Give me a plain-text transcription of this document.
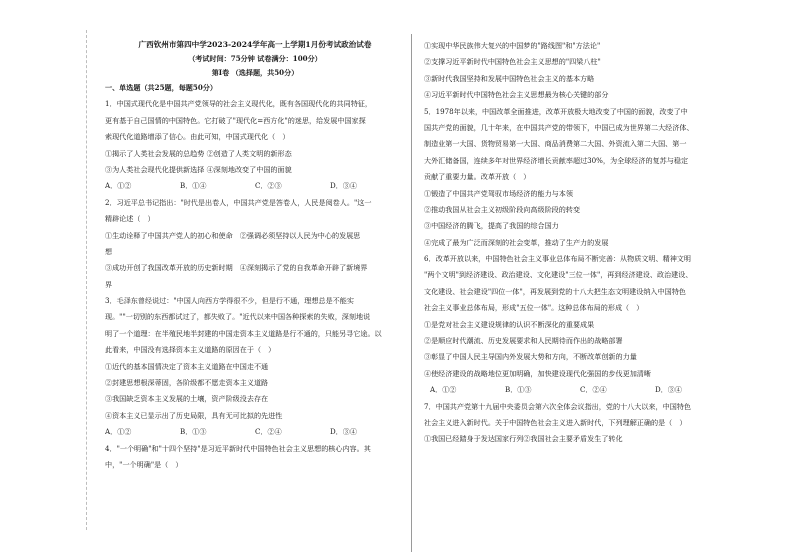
广西钦州市第四中学2023-2024学年高一上学期1月份考试政治试卷
（考试时间：75分钟 试卷满分：100分）
第Ⅰ卷 （选择题，共50分）
一、单选题（共25题，每题50分）
1．中国式现代化是中国共产党领导的社会主义现代化，既有各国现代化的共同特征，
更有基于自己国情的中国特色。它打破了"现代化=西方化"的迷思，给发展中国家探
索现代化道路增添了信心。由此可知，中国式现代化（　）
①揭示了人类社会发展的总趋势 ②创造了人类文明的新形态
③为人类社会现代化提供新选择 ④深刻地改变了中国的面貌
A．①②	B．①④	C．②③	D．③④
2．习近平总书记指出："时代是出卷人，中国共产党是答卷人，人民是阅卷人。"这一
精辟论述（　）
①生动诠释了中国共产党人的初心和使命　②强调必须坚持以人民为中心的发展思
想
③成功开创了我国改革开放的历史新时期　④深刻揭示了党的自我革命开辟了新境界
界
3．毛泽东曾经说过："中国人向西方学得很不少，但是行不通，理想总是不能实
现。""一切别的东西都试过了，都失败了。"近代以来中国各种探索的失败，深刻地说
明了一个道理：在半殖民地半封建的中国走资本主义道路是行不通的，只能另寻它途。以
此看来，中国没有选择资本主义道路的原因在于（　）
①近代的基本国情决定了资本主义道路在中国走不通
②封建思想根深蒂固，各阶级都不愿走资本主义道路
③我国缺乏资本主义发展的土壤，资产阶级没去存在
④资本主义已显示出了历史局限，具有无可比拟的先进性
A．①②	B．①③	C．②④	D．③④
4．"一个明确"和"十四个坚持"是习近平新时代中国特色社会主义思想的核心内容。其
中，"一个明确"是（　）
①实现中华民族伟大复兴的中国梦的"路线图"和"方法论"
②支撑习近平新时代中国特色社会主义思想的"四梁八柱"
③新时代我国坚持和发展中国特色社会主义的基本方略
④习近平新时代中国特色社会主义思想最为核心关键的部分
5．1978年以来，中国改革全面推进，改革开放极大地改变了中国的面貌，改变了中
国共产党的面貌，几十年来，在中国共产党的带领下，中国已成为世界第二大经济体、
制造业第一大国、货物贸易第一大国、商品消费第二大国、外资流入第二大国、第一
大外汇储备国，连续多年对世界经济增长贡献率超过30%，为全球经济的复苏与稳定
贡献了重要力量。改革开放（　）
①锻造了中国共产党驾驭市场经济的能力与本领
②推动我国从社会主义初级阶段向高级阶段的转变
③中国经济的腾飞，提高了我国的综合国力
④完成了最为广泛而深刻的社会变革，推动了生产力的发展
6．改革开放以来，中国特色社会主义事业总体布局不断完善：从物质文明、精神文明
"两个文明"到经济建设、政治建设、文化建设"三位一体"，再到经济建设、政治建设、
文化建设、社会建设"四位一体"，再发展到党的十八大把生态文明建设纳入中国特色
社会主义事业总体布局，形成"五位一体"。这种总体布局的形成（　）
①是党对社会主义建设规律的认识不断深化的重要成果
②是顺应时代潮流、历史发展要求和人民期待而作出的战略部署
③彰显了中国人民主导国内外发展大势和方向，不断改革创新的力量
④使经济建设的战略地位更加明确，加快建设现代化强国的步伐更加清晰
A．①②	B．①③	C．②④	D．③④
7．中国共产党第十九届中央委员会第六次全体会议指出，党的十八大以来，中国特色
社会主义进入新时代。关于中国特色社会主义进入新时代，下列理解正确的是（　）
①我国已经踏身于发达国家行列②我国社会主要矛盾发生了转化
